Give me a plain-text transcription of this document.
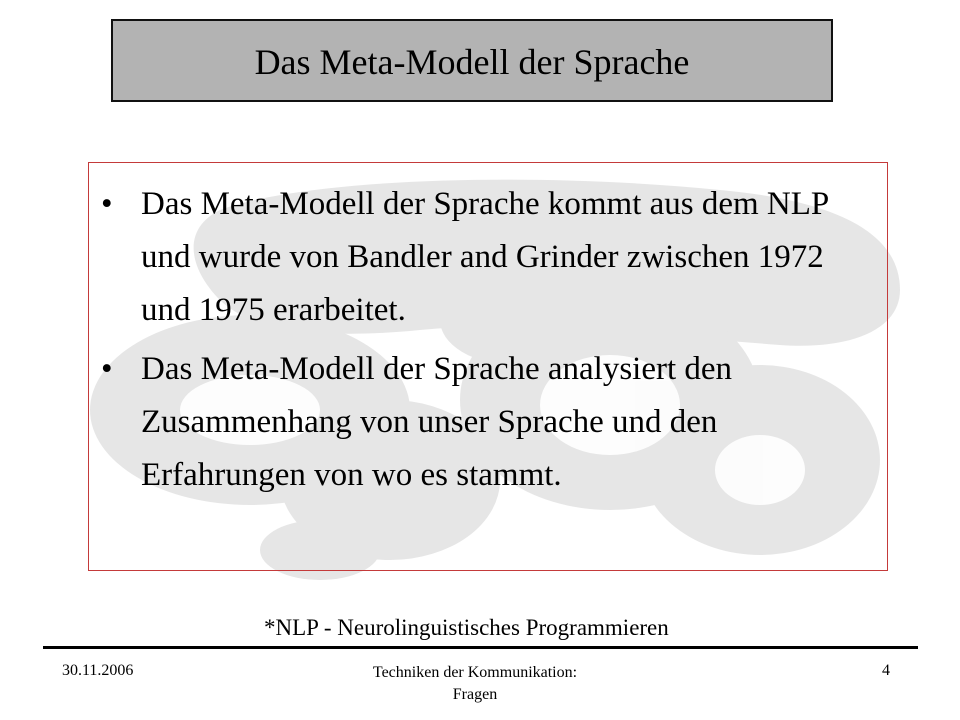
Das Meta-Modell der Sprache
• Das Meta-Modell der Sprache kommt aus dem NLP und wurde von Bandler and Grinder zwischen 1972 und 1975 erarbeitet.
• Das Meta-Modell der Sprache analysiert den Zusammenhang von unser Sprache und den Erfahrungen von wo es stammt.
*NLP - Neurolinguistisches Programmieren
30.11.2006	Techniken der Kommunikation:
Fragen
4
